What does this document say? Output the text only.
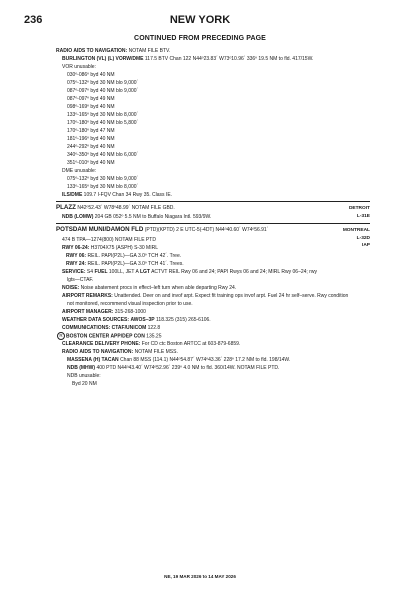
236	NEW YORK
CONTINUED FROM PRECEDING PAGE
RADIO AIDS TO NAVIGATION: NOTAM FILE BTV.
BURLINGTON (VL) (L) VORW/DME 117.5 BTV Chan 122 N44º23.83´ W73º10.96´ 336º 19.5 NM to fld. 417/15W.
VOR unusable:
030º-086º byd 40 NM
075º-132º byd 30 NM blo 9,000´
087º-097º byd 40 NM blo 9,000´
087º-097º byd 49 NM
098º-169º byd 40 NM
133º-165º byd 30 NM blo 8,000´
170º-180º byd 40 NM blo 5,800´
170º-180º byd 47 NM
181º-196º byd 40 NM
244º-292º byd 40 NM
340º-350º byd 40 NM blo 6,000´
351º-010º byd 40 NM
DME unusable:
075º-132º byd 30 NM blo 9,000´
133º-165º byd 30 NM blo 8,000´
ILS/DME 109.7 I-FQV Chan 34 Rwy 35. Class IE.
PLAZZ N42º52.43´ W78º48.99´ NOTAM FILE GBD.
NDB (LOMW) 204 GB 052º 5.5 NM to Buffalo Niagara Intl. 593/9W.
DETROIT
L-31E
POTSDAM MUNI/DAMON FLD (PTD)(KPTD) 2 E UTC-5(-4DT) N44º40.60´ W74º56.91´	MONTREAL
L-32D
IAP
474 B TPA—1274(800) NOTAM FILE PTD
RWY 06-24: H3704X75 (ASPH) S-30 MIRL
RWY 06: REIL. PAPI(P2L)—GA 3.0º TCH 42´. Tree.
RWY 24: REIL. PAPI(P2L)—GA 3.0º TCH 41´. Trees.
SERVICE: S4 FUEL 100LL, JET A LGT ACTVT REIL Rwy 06 and 24; PAPI Rwys 06 and 24; MIRL Rwy 06–24; rwy
lgts—CTAF.
NOISE: Noise abatement procs in effect–left turn when able departing Rwy 24.
AIRPORT REMARKS: Unattended. Deer on and invof arpt. Expect fit training ops invof arpt. Fuel 24 hr self–serve. Rwy condition
not monitored, recommend visual inspection prior to use.
AIRPORT MANAGER: 315-268-1000
WEATHER DATA SOURCES: AWOS–3P 118.325 (315) 265-6106.
COMMUNICATIONS: CTAF/UNICOM 122.8
R BOSTON CENTER APP/DEP CON 135.25
CLEARANCE DELIVERY PHONE: For CD ctc Boston ARTCC at 603-879-6859.
RADIO AIDS TO NAVIGATION: NOTAM FILE MSS.
MASSENA (H) TACAN Chan 88 MSS (114.1) N44º54.87´ W74º43.36´ 228º 17.2 NM to fld. 198/14W.
NDB (MHW) 400 PTD N44º43.40´ W74º52.96´ 239º 4.0 NM to fld. 360/14W. NOTAM FILE PTD.
NDB unusable:
Byd 20 NM
NE, 19 MAR 2026 to 14 MAY 2026
